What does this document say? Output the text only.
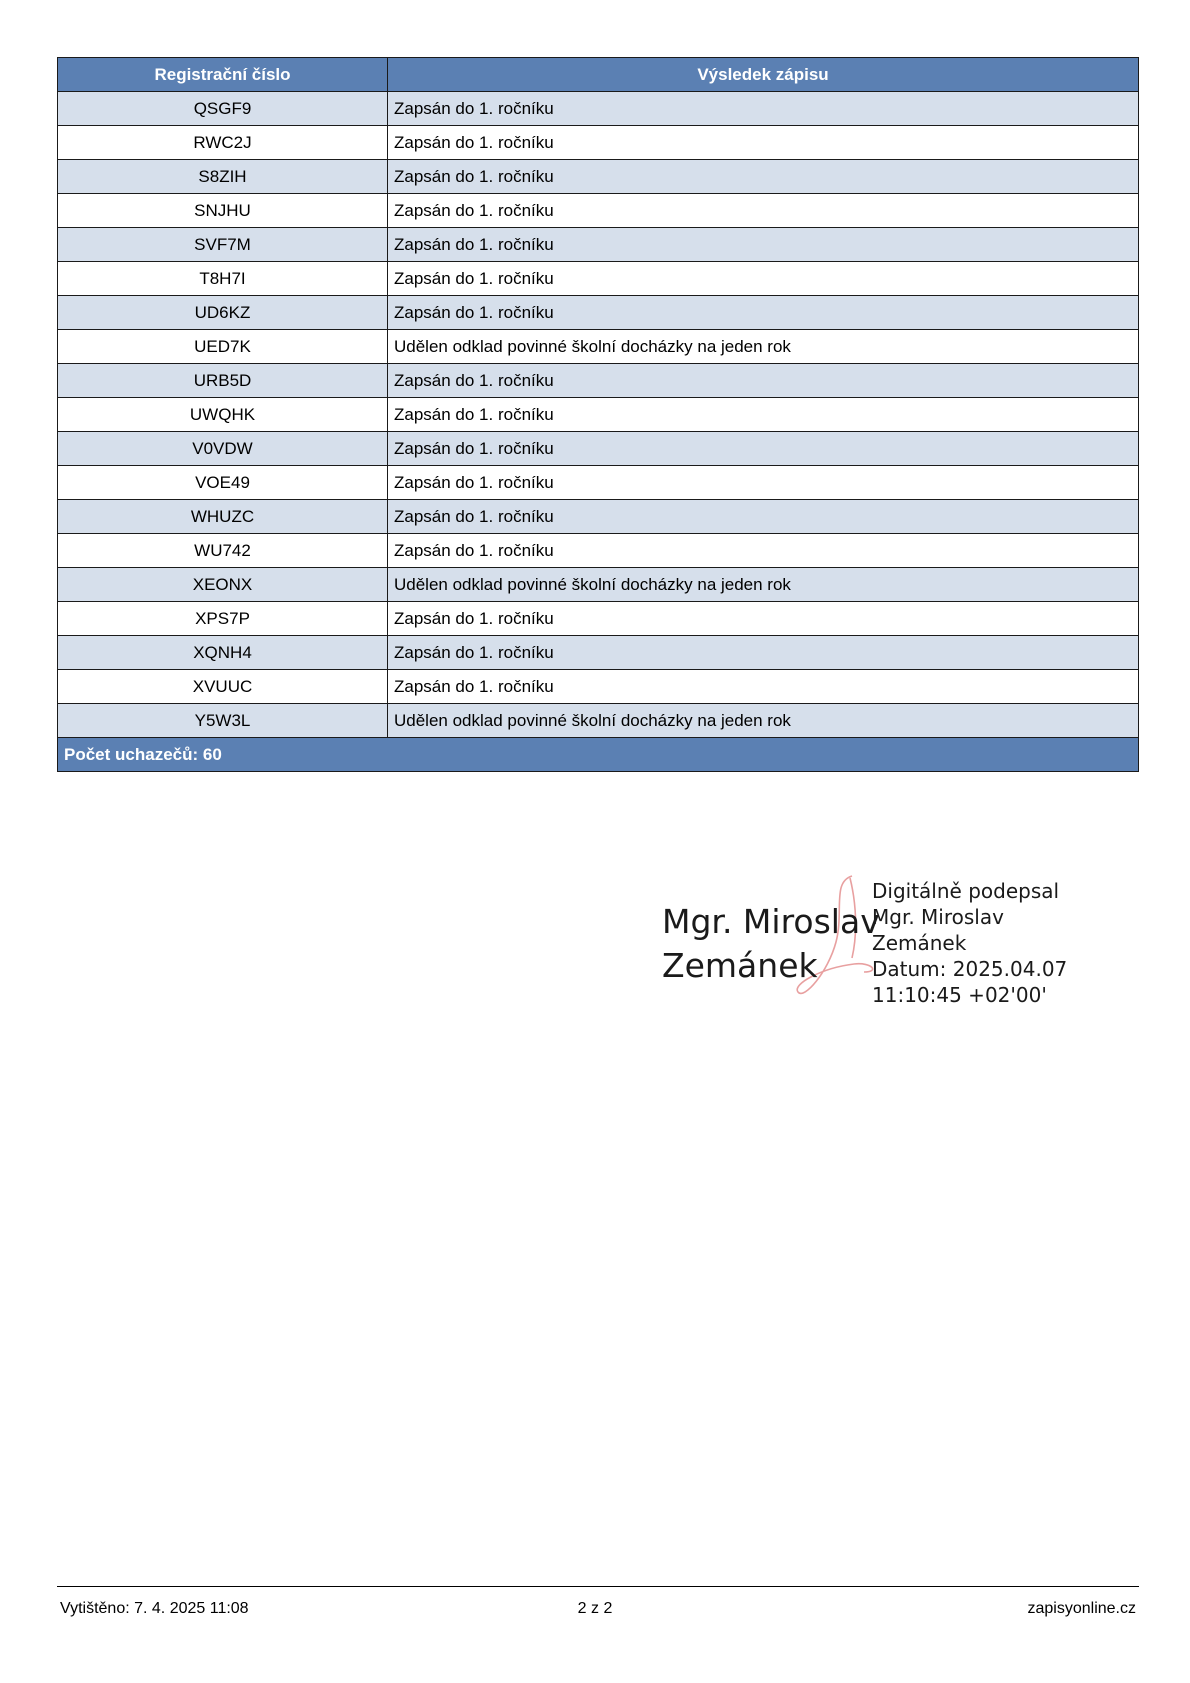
Registrační číslo	Výsledek zápisu
QSGF9	Zapsán do 1. ročníku
RWC2J	Zapsán do 1. ročníku
S8ZIH	Zapsán do 1. ročníku
SNJHU	Zapsán do 1. ročníku
SVF7M	Zapsán do 1. ročníku
T8H7I	Zapsán do 1. ročníku
UD6KZ	Zapsán do 1. ročníku
UED7K	Udělen odklad povinné školní docházky na jeden rok
URB5D	Zapsán do 1. ročníku
UWQHK	Zapsán do 1. ročníku
V0VDW	Zapsán do 1. ročníku
VOE49	Zapsán do 1. ročníku
WHUZC	Zapsán do 1. ročníku
WU742	Zapsán do 1. ročníku
XEONX	Udělen odklad povinné školní docházky na jeden rok
XPS7P	Zapsán do 1. ročníku
XQNH4	Zapsán do 1. ročníku
XVUUC	Zapsán do 1. ročníku
Y5W3L	Udělen odklad povinné školní docházky na jeden rok
Počet uchazečů: 60	
Mgr. Miroslav
Zemánek
Digitálně podepsal
Mgr. Miroslav
Zemánek
Datum: 2025.04.07
11:10:45 +02'00'
Vytištěno: 7. 4. 2025 11:08	2 z 2	zapisyonline.cz
